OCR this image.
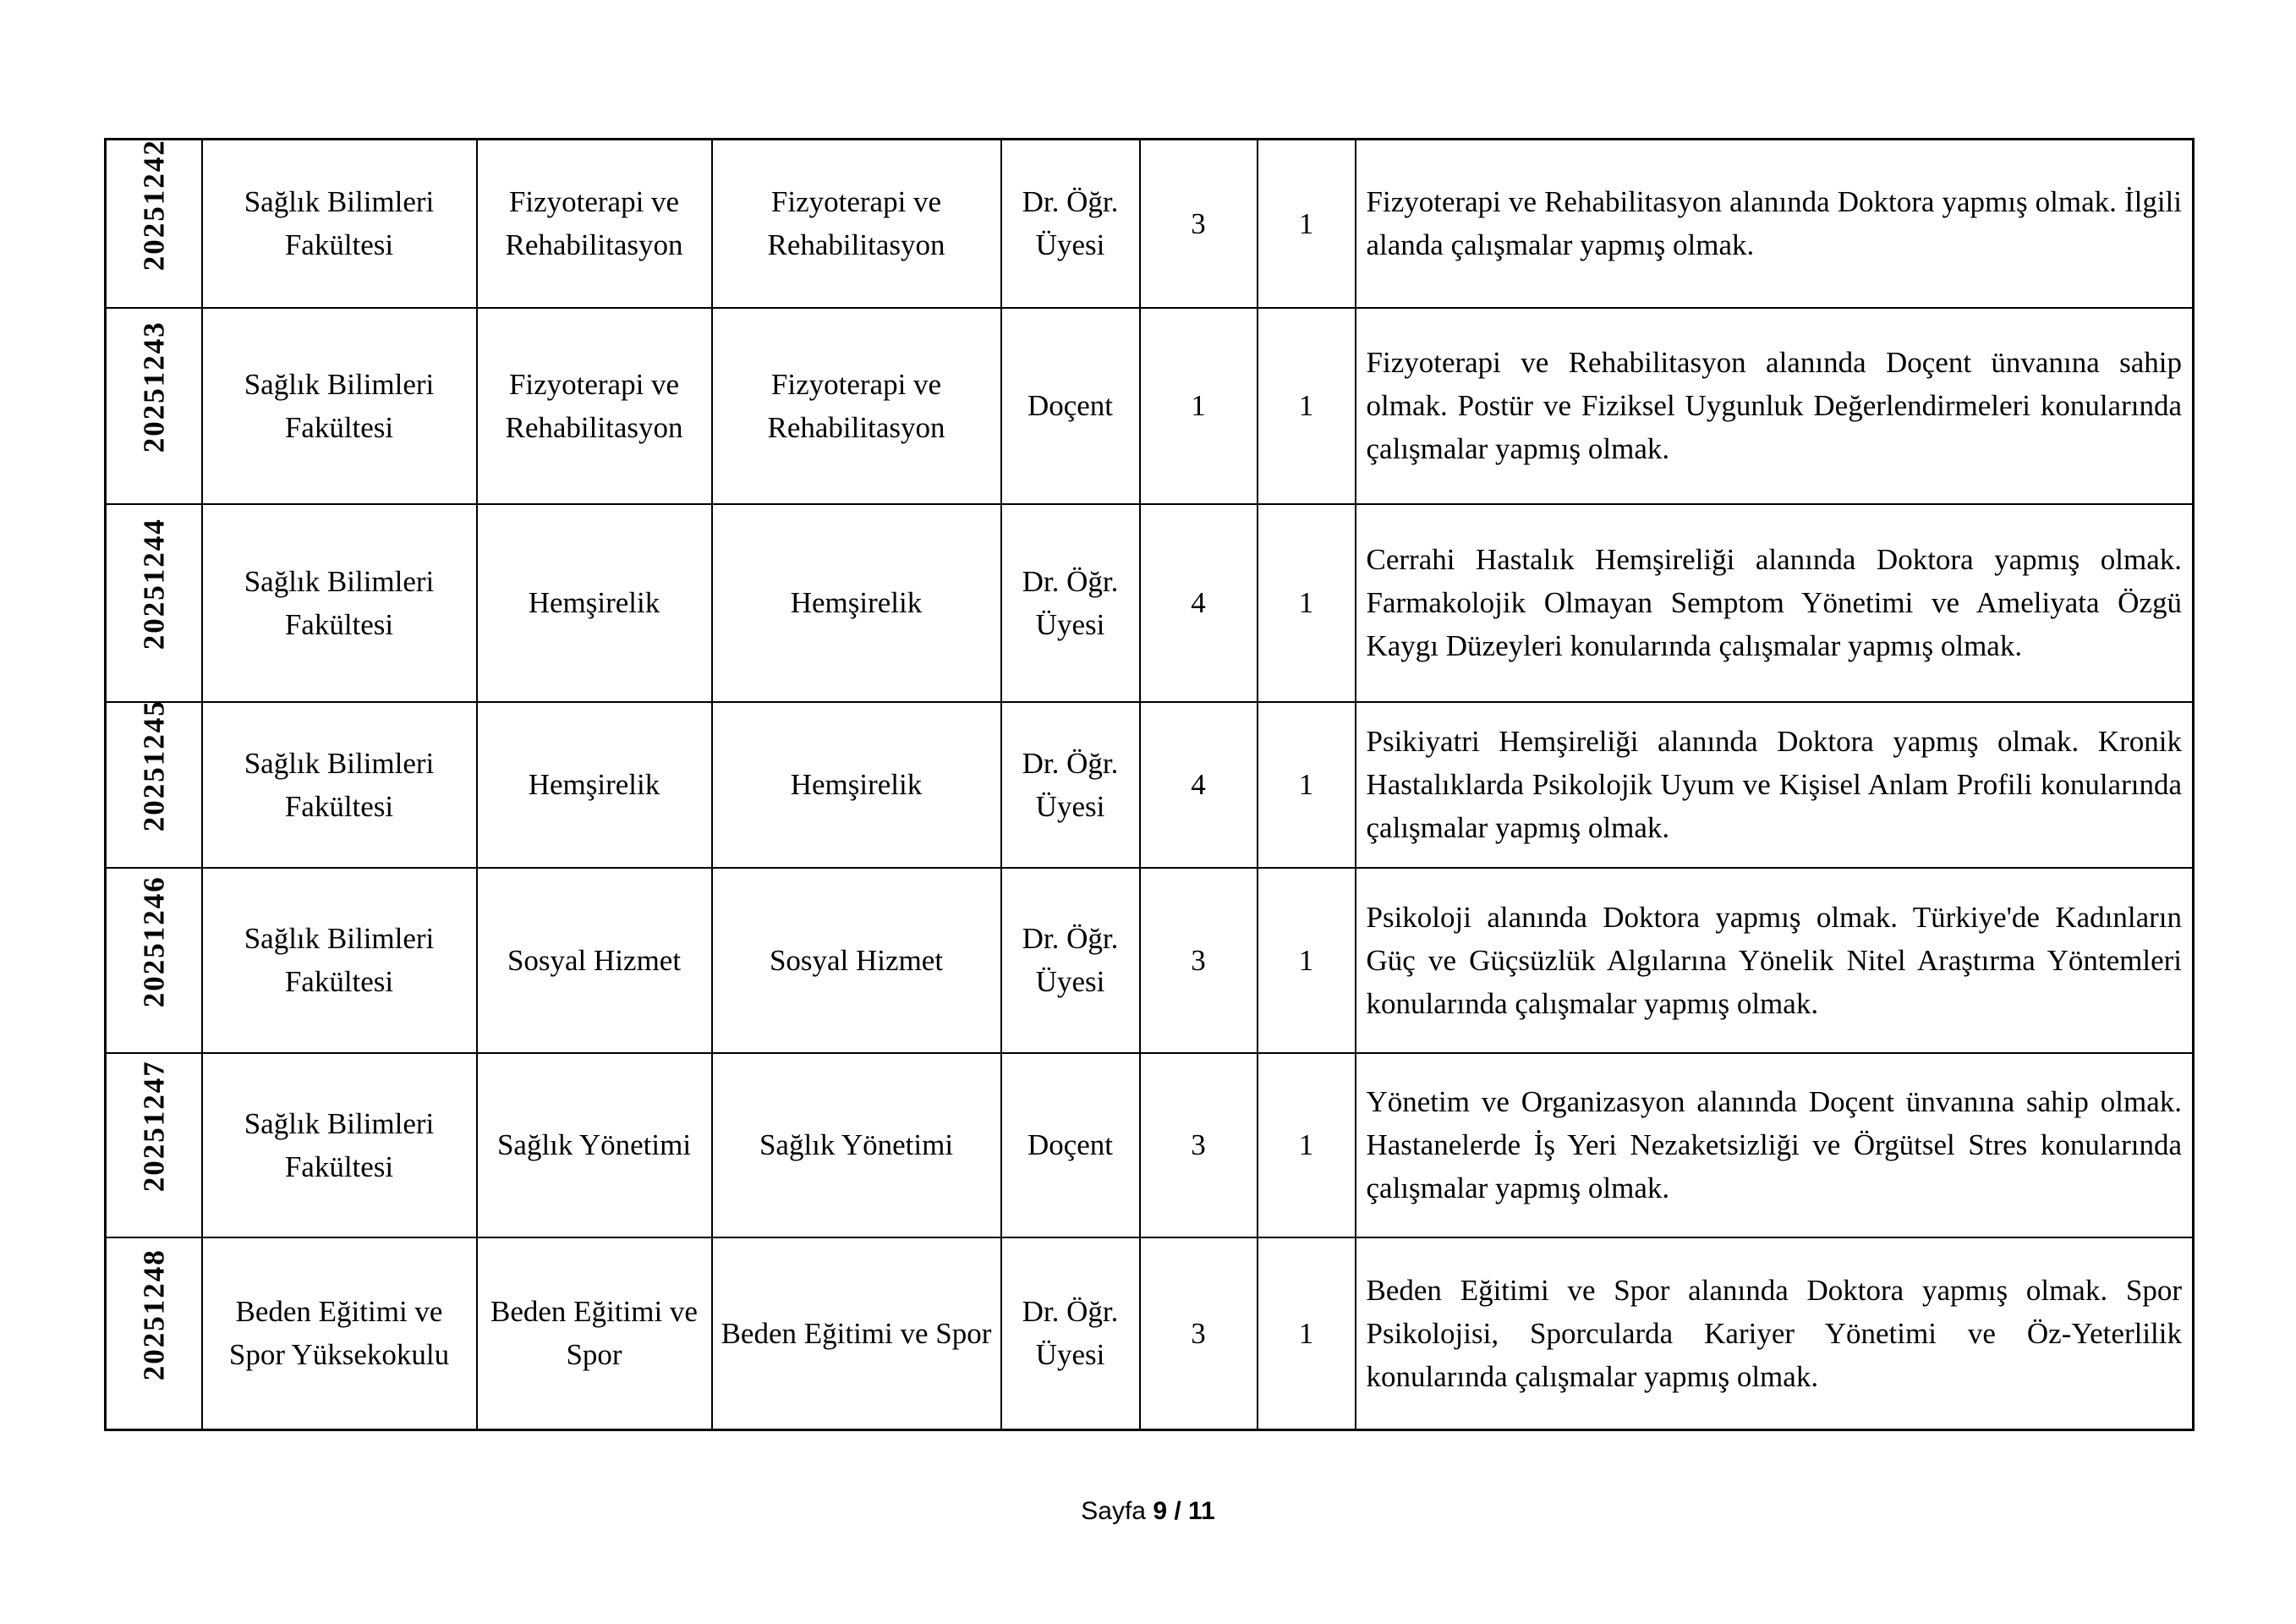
20251242	Sağlık Bilimleri Fakültesi	Fizyoterapi ve Rehabilitasyon	Fizyoterapi ve Rehabilitasyon	Dr. Öğr. Üyesi	3	1	Fizyoterapi ve Rehabilitasyon alanında Doktora yapmış olmak. İlgili alanda çalışmalar yapmış olmak.

20251243	Sağlık Bilimleri Fakültesi	Fizyoterapi ve Rehabilitasyon	Fizyoterapi ve Rehabilitasyon	Doçent	1	1	Fizyoterapi ve Rehabilitasyon alanında Doçent ünvanına sahip olmak. Postür ve Fiziksel Uygunluk Değerlendirmeleri konularında çalışmalar yapmış olmak.

20251244	Sağlık Bilimleri Fakültesi	Hemşirelik	Hemşirelik	Dr. Öğr. Üyesi	4	1	Cerrahi Hastalık Hemşireliği alanında Doktora yapmış olmak. Farmakolojik Olmayan Semptom Yönetimi ve Ameliyata Özgü Kaygı Düzeyleri konularında çalışmalar yapmış olmak.

20251245	Sağlık Bilimleri Fakültesi	Hemşirelik	Hemşirelik	Dr. Öğr. Üyesi	4	1	Psikiyatri Hemşireliği alanında Doktora yapmış olmak. Kronik Hastalıklarda Psikolojik Uyum ve Kişisel Anlam Profili konularında çalışmalar yapmış olmak.

20251246	Sağlık Bilimleri Fakültesi	Sosyal Hizmet	Sosyal Hizmet	Dr. Öğr. Üyesi	3	1	Psikoloji alanında Doktora yapmış olmak. Türkiye'de Kadınların Güç ve Güçsüzlük Algılarına Yönelik Nitel Araştırma Yöntemleri konularında çalışmalar yapmış olmak.

20251247	Sağlık Bilimleri Fakültesi	Sağlık Yönetimi	Sağlık Yönetimi	Doçent	3	1	Yönetim ve Organizasyon alanında Doçent ünvanına sahip olmak. Hastanelerde İş Yeri Nezaketsizliği ve Örgütsel Stres konularında çalışmalar yapmış olmak.

20251248	Beden Eğitimi ve Spor Yüksekokulu	Beden Eğitimi ve Spor	Beden Eğitimi ve Spor	Dr. Öğr. Üyesi	3	1	Beden Eğitimi ve Spor alanında Doktora yapmış olmak. Spor Psikolojisi, Sporcularda Kariyer Yönetimi ve Öz-Yeterlilik konularında çalışmalar yapmış olmak.
Sayfa 9 / 11
